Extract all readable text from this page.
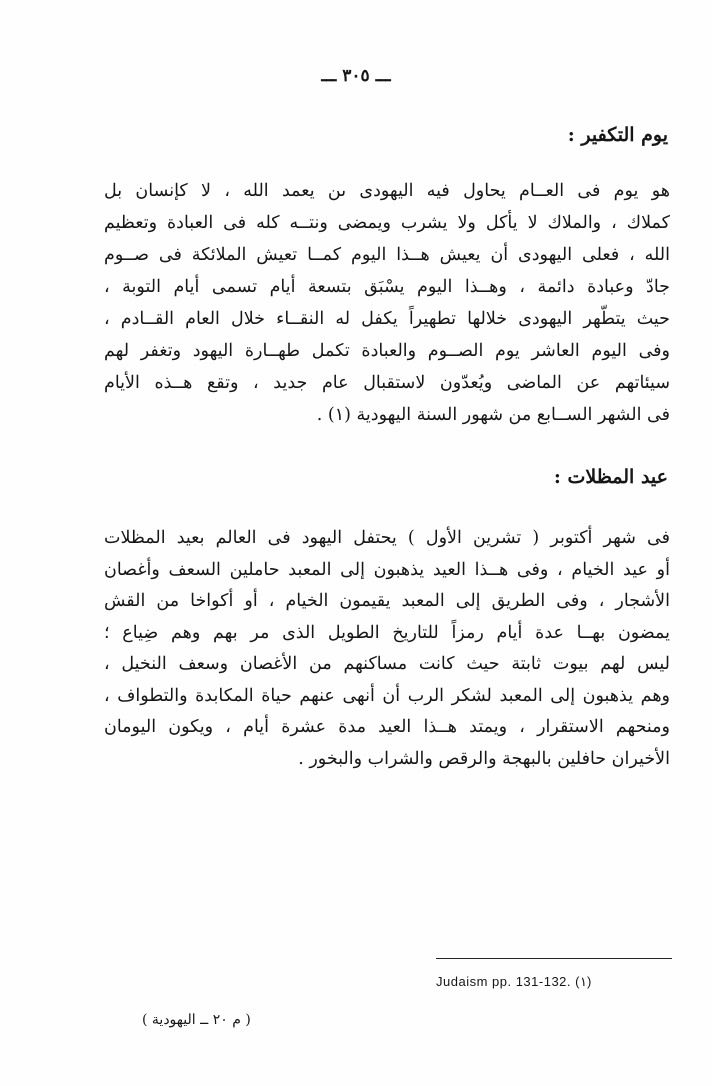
ـــ ٣٠٥ ـــ
يوم التكفير :
هو يوم فى العــام يحاول فيه اليهودى ىن يعمد الله ، لا كإنسان بل
كملاك ، والملاك لا يأكل ولا يشرب ويمضى ونتــه كله فى العبادة وتعظيم
الله ، فعلى اليهودى أن يعيش هــذا اليوم كمــا تعيش الملائكة فى صــوم
جادّ وعبادة دائمة ، وهــذا اليوم يسْبَق بتسعة أيام تسمى أيام التوبة ،
حيث يتطّهر اليهودى خلالها تطهيراً يكفل له النقــاء خلال العام القــادم ،
وفى اليوم العاشر يوم الصــوم والعبادة تكمل طهــارة اليهود وتغفر لهم
سيئاتهم عن الماضى ويُعدّون لاستقبال عام جديد ، وتقع هــذه الأيام
فى الشهر الســابع من شهور السنة اليهودية (١) .
عيد المظلات :
فى شهر أكتوبر ( تشرين الأول ) يحتفل اليهود فى العالم بعيد المظلات
أو عيد الخيام ، وفى هــذا العيد يذهبون إلى المعبد حاملين السعف وأغصان
الأشجار ، وفى الطريق إلى المعبد يقيمون الخيام ، أو أكواخا من القش
يمضون بهــا عدة أيام رمزاً للتاريخ الطويل الذى مر بهم وهم ضِياع ؛
ليس لهم بيوت ثابتة حيث كانت مساكنهم من الأغصان وسعف النخيل ،
وهم يذهبون إلى المعبد لشكر الرب أن أنهى عنهم حياة المكابدة والتطواف ،
ومنحهم الاستقرار ، ويمتد هــذا العيد مدة عشرة أيام ، ويكون اليومان
الأخيران حافلين بالبهجة والرقص والشراب والبخور .
Judaism pp. 131-132. (١)
( م ٢٠ ــ اليهودية )
